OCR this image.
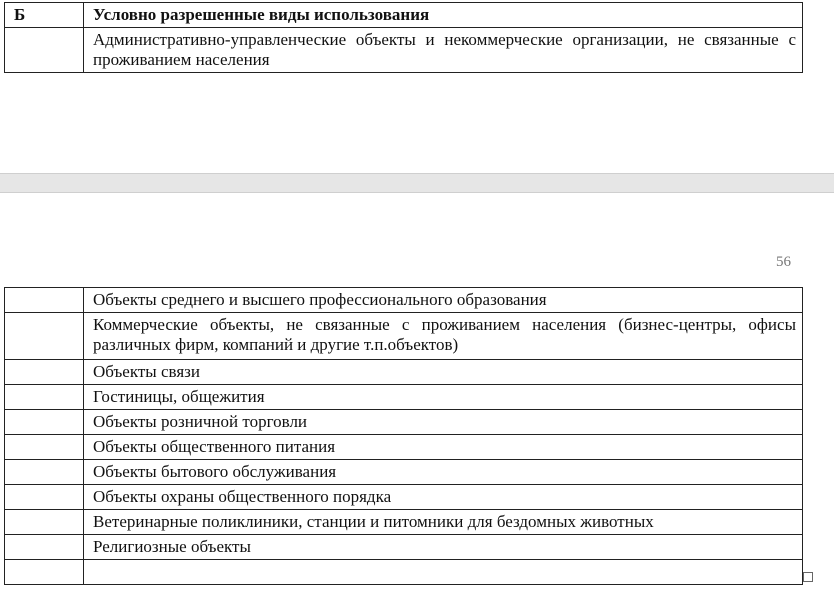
Б	Условно разрешенные виды использования
	Административно-управленческие объекты и некоммерческие организации, не связанные с проживанием населения
56
	Объекты среднего и высшего профессионального образования
	Коммерческие объекты, не связанные с проживанием населения (бизнес-центры, офисы различных фирм, компаний и другие т.п.объектов)
	Объекты связи
	Гостиницы, общежития
	Объекты розничной торговли
	Объекты общественного питания
	Объекты бытового обслуживания
	Объекты охраны общественного порядка
	Ветеринарные поликлиники, станции и питомники для бездомных животных
	Религиозные объекты
